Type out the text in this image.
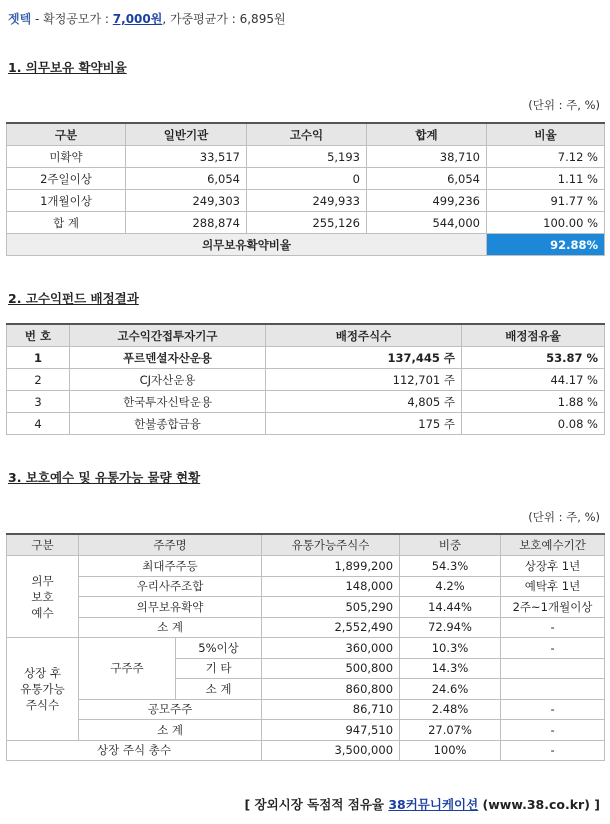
젯텍 - 확정공모가 : 7,000원, 가중평균가 : 6,895원
1. 의무보유 확약비율
(단위 : 주, %)
구분	일반기관	고수익	합계	비율
미확약	33,517	5,193	38,710	7.12 %
2주일이상	6,054	0	6,054	1.11 %
1개월이상	249,303	249,933	499,236	91.77 %
합 계	288,874	255,126	544,000	100.00 %
의무보유확약비율				92.88%
2. 고수익펀드 배정결과
번 호	고수익간접투자기구	배정주식수	배정점유율
1	푸르덴셜자산운용	137,445 주	53.87 %
2	CJ자산운용	112,701 주	44.17 %
3	한국투자신탁운용	4,805 주	1.88 %
4	한불종합금융	175 주	0.08 %
3. 보호예수 및 유통가능 물량 현황
(단위 : 주, %)
구분	주주명		유통가능주식수	비중	보호예수기간
의무
보호
예수	최대주주등		1,899,200	54.3%	상장후 1년
	우리사주조합		148,000	4.2%	예탁후 1년
	의무보유확약		505,290	14.44%	2주~1개월이상
	소 계		2,552,490	72.94%	-
상장 후
유통가능
주식수	구주주	5%이상	360,000	10.3%	-
		기 타	500,800	14.3%	
		소 계	860,800	24.6%	
	공모주주		86,710	2.48%	-
	소 계		947,510	27.07%	-
상장 주식 총수			3,500,000	100%	-
[ 장외시장 독점적 점유율 38커뮤니케이션 (www.38.co.kr) ]
